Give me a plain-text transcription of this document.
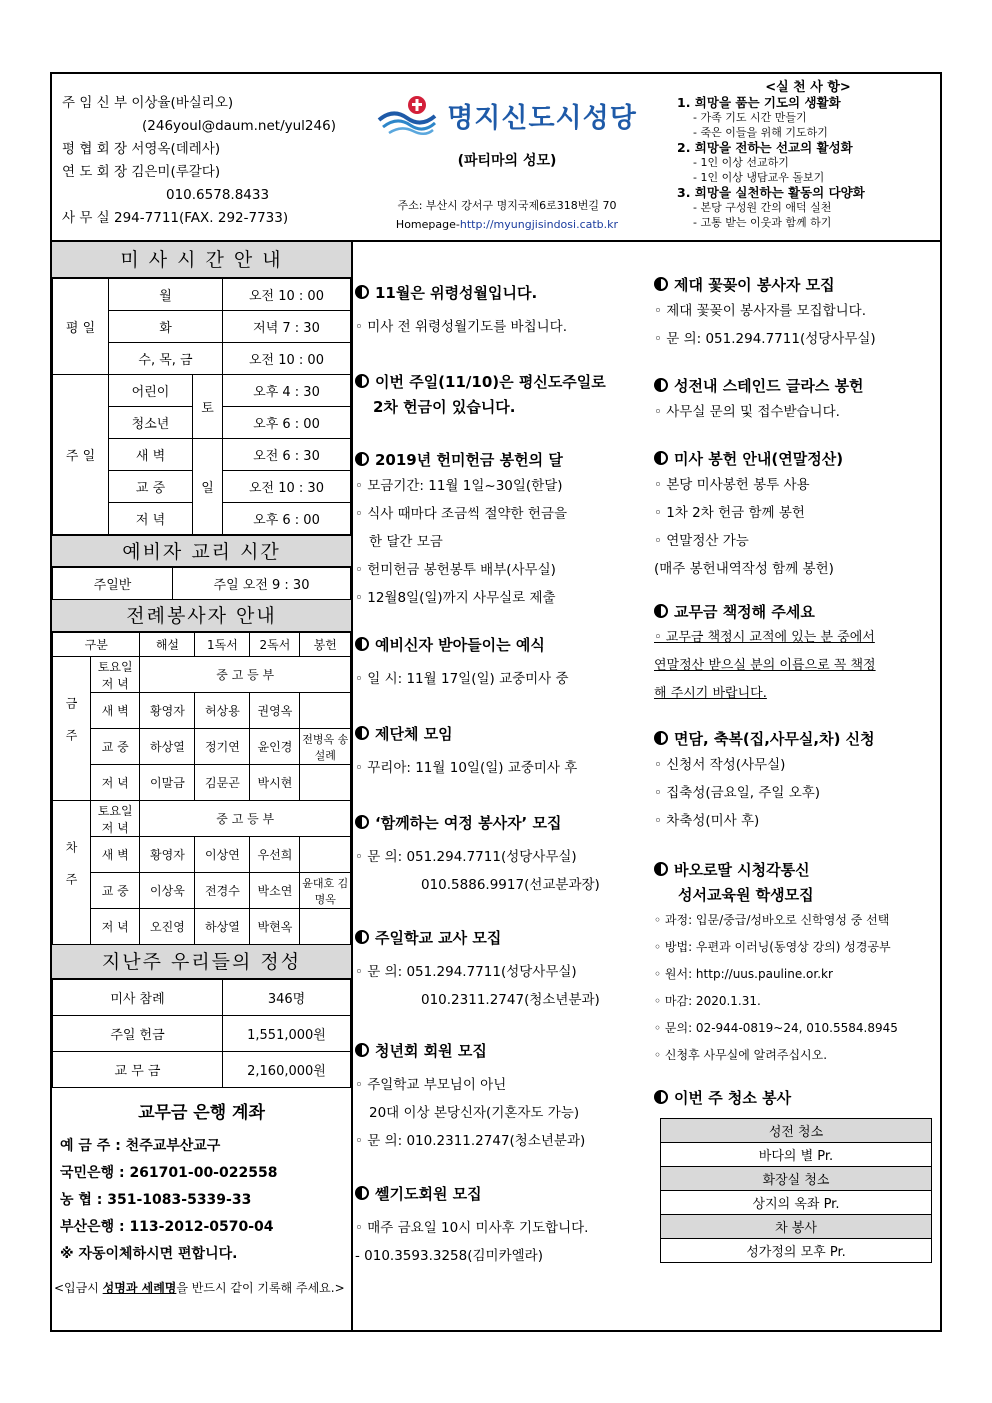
주 임 신 부 이상율(바실리오)
(246youl@daum.net/yul246)
평 협 회 장 서영옥(데레사)
연 도 회 장 김은미(루갈다)
010.6578.8433
사 무 실 294-7711(FAX. 292-7733)
명지신도시성당
(파티마의 성모)
주소: 부산시 강서구 명지국제6로318번길 70
Homepage-http://myungjisindosi.catb.kr
<실 천 사 항>
1. 희망을 품는 기도의 생활화
- 가족 기도 시간 만들기
- 죽은 이들을 위해 기도하기
2. 희망을 전하는 선교의 활성화
- 1인 이상 선교하기
- 1인 이상 냉담교우 돌보기
3. 희망을 실천하는 활동의 다양화
- 본당 구성원 간의 애덕 실천
- 고통 받는 이웃과 함께 하기
미 사 시 간 안 내
평 일	월		오전 10 : 00
	화		저녁 7 : 30
	수, 목, 금		오전 10 : 00
주 일	어린이	토	오후 4 : 30
	청소년		오후 6 : 00
	새 벽	일	오전 6 : 30
	교 중		오전 10 : 30
	저 녁		오후 6 : 00
예비자 교리 시간
주일반	주일 오전 9 : 30
전례봉사자 안내
구분		해설	1독서	2독서	봉헌
금주	토요일 저 녁	중 고 등 부			
	새 벽	황영자	허상용	권영옥	
	교 중	하상열	정기연	윤인경	전병옥 송설례
	저 녁	이말금	김문곤	박시현	
차주	토요일 저 녁	중 고 등 부			
	새 벽	황영자	이상연	우선희	
	교 중	이상욱	전경수	박소연	윤대호 김명옥
	저 녁	오진영	하상열	박현옥	
지난주 우리들의 정성
미사 참례	346명
주일 헌금	1,551,000원
교 무 금	2,160,000원
교무금 은행 계좌
예 금 주 : 천주교부산교구
국민은행 : 261701-00-022558
농 협 : 351-1083-5339-33
부산은행 : 113-2012-0570-04
※ 자동이체하시면 편합니다.
<입금시 성명과 세례명을 반드시 같이 기록해 주세요.>
11월은 위령성월입니다.
◦ 미사 전 위령성월기도를 바칩니다.
이번 주일(11/10)은 평신도주일로
2차 헌금이 있습니다.
2019년 헌미헌금 봉헌의 달
◦ 모금기간: 11월 1일~30일(한달)
◦ 식사 때마다 조금씩 절약한 헌금을
한 달간 모금
◦ 헌미헌금 봉헌봉투 배부(사무실)
◦ 12월8일(일)까지 사무실로 제출
예비신자 받아들이는 예식
◦ 일 시: 11월 17일(일) 교중미사 중
제단체 모임
◦ 꾸리아: 11월 10일(일) 교중미사 후
‘함께하는 여정 봉사자’ 모집
◦ 문 의: 051.294.7711(성당사무실)
010.5886.9917(선교분과장)
주일학교 교사 모집
◦ 문 의: 051.294.7711(성당사무실)
010.2311.2747(청소년분과)
청년회 회원 모집
◦ 주일학교 부모님이 아닌
20대 이상 본당신자(기혼자도 가능)
◦ 문 의: 010.2311.2747(청소년분과)
쎌기도회원 모집
◦ 매주 금요일 10시 미사후 기도합니다.
- 010.3593.3258(김미카엘라)
제대 꽃꽂이 봉사자 모집
◦ 제대 꽃꽂이 봉사자를 모집합니다.
◦ 문 의: 051.294.7711(성당사무실)
성전내 스테인드 글라스 봉헌
◦ 사무실 문의 및 접수받습니다.
미사 봉헌 안내(연말정산)
◦ 본당 미사봉헌 봉투 사용
◦ 1차 2차 헌금 함께 봉헌
◦ 연말정산 가능
(매주 봉헌내역작성 함께 봉헌)
교무금 책정해 주세요
◦ 교무금 책정시 교적에 있는 분 중에서
연말정산 받으실 분의 이름으로 꼭 책정
해 주시기 바랍니다.
면담, 축복(집,사무실,차) 신청
◦ 신청서 작성(사무실)
◦ 집축성(금요일, 주일 오후)
◦ 차축성(미사 후)
바오로딸 시청각통신
성서교육원 학생모집
◦ 과정: 입문/중급/성바오로 신학영성 중 선택
◦ 방법: 우편과 이러닝(동영상 강의) 성경공부
◦ 원서: http://uus.pauline.or.kr
◦ 마감: 2020.1.31.
◦ 문의: 02-944-0819~24, 010.5584.8945
◦ 신청후 사무실에 알려주십시오.
이번 주 청소 봉사
성전 청소
바다의 별 Pr.
화장실 청소
상지의 옥좌 Pr.
차 봉사
성가정의 모후 Pr.
